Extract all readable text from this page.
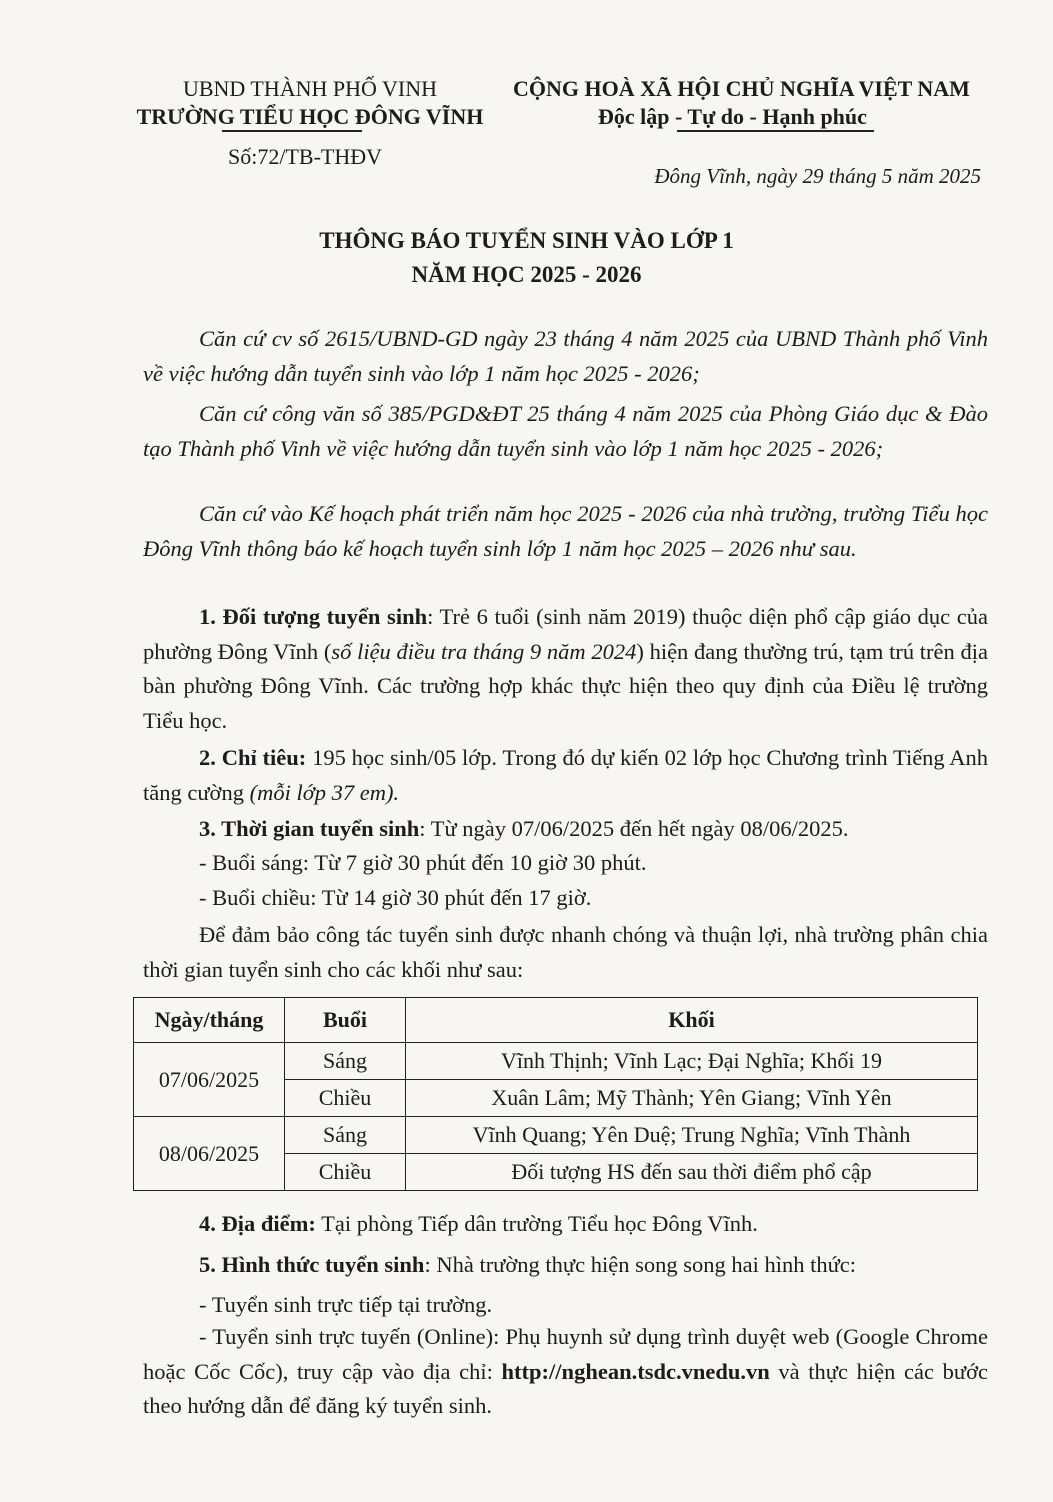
UBND THÀNH PHỐ VINH
TRƯỜNG TIỂU HỌC ĐÔNG VĨNH
Số:72/TB-THĐV
CỘNG HOÀ XÃ HỘI CHỦ NGHĨA VIỆT NAM
Độc lập - Tự do - Hạnh phúc
Đông Vĩnh, ngày 29 tháng 5 năm 2025
THÔNG BÁO TUYỂN SINH VÀO LỚP 1
NĂM HỌC 2025 - 2026
Căn cứ cv số 2615/UBND-GD ngày 23 tháng 4 năm 2025 của UBND Thành phố Vinh về việc hướng dẫn tuyển sinh vào lớp 1 năm học 2025 - 2026;
Căn cứ công văn số 385/PGD&ĐT 25 tháng 4 năm 2025 của Phòng Giáo dục & Đào tạo Thành phố Vinh về việc hướng dẫn tuyển sinh vào lớp 1 năm học 2025 - 2026;
Căn cứ vào Kế hoạch phát triển năm học 2025 - 2026 của nhà trường, trường Tiểu học Đông Vĩnh thông báo kế hoạch tuyển sinh lớp 1 năm học 2025 – 2026 như sau.
1. Đối tượng tuyển sinh: Trẻ 6 tuổi (sinh năm 2019) thuộc diện phổ cập giáo dục của phường Đông Vĩnh (số liệu điều tra tháng 9 năm 2024) hiện đang thường trú, tạm trú trên địa bàn phường Đông Vĩnh. Các trường hợp khác thực hiện theo quy định của Điều lệ trường Tiểu học.
2. Chỉ tiêu: 195 học sinh/05 lớp. Trong đó dự kiến 02 lớp học Chương trình Tiếng Anh tăng cường (mỗi lớp 37 em).
3. Thời gian tuyển sinh: Từ ngày 07/06/2025 đến hết ngày 08/06/2025.
- Buổi sáng: Từ 7 giờ 30 phút đến 10 giờ 30 phút.
- Buổi chiều: Từ 14 giờ 30 phút đến 17 giờ.
Để đảm bảo công tác tuyển sinh được nhanh chóng và thuận lợi, nhà trường phân chia thời gian tuyển sinh cho các khối như sau:
Ngày/tháng	Buổi	Khối
07/06/2025	Sáng	Vĩnh Thịnh; Vĩnh Lạc; Đại Nghĩa; Khối 19
	Chiều	Xuân Lâm; Mỹ Thành; Yên Giang; Vĩnh Yên
08/06/2025	Sáng	Vĩnh Quang; Yên Duệ; Trung Nghĩa; Vĩnh Thành
	Chiều	Đối tượng HS đến sau thời điểm phổ cập
4. Địa điểm: Tại phòng Tiếp dân trường Tiểu học Đông Vĩnh.
5. Hình thức tuyển sinh: Nhà trường thực hiện song song hai hình thức:
- Tuyển sinh trực tiếp tại trường.
- Tuyển sinh trực tuyến (Online): Phụ huynh sử dụng trình duyệt web (Google Chrome hoặc Cốc Cốc), truy cập vào địa chỉ: http://nghean.tsdc.vnedu.vn và thực hiện các bước theo hướng dẫn để đăng ký tuyển sinh.
